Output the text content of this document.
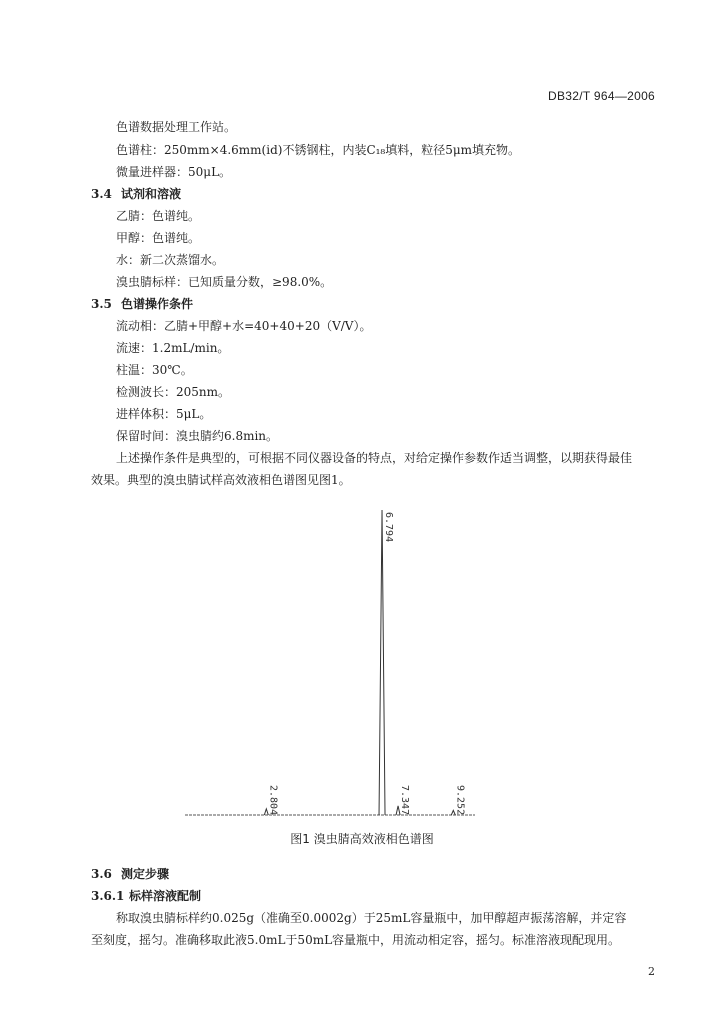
DB32/T 964—2006
色谱数据处理工作站。
色谱柱：250mm×4.6mm(id)不锈钢柱，内装C₁₈填料，粒径5μm填充物。
微量进样器：50μL。
3.4 试剂和溶液
乙腈：色谱纯。
甲醇：色谱纯。
水：新二次蒸馏水。
溴虫腈标样：已知质量分数，≥98.0%。
3.5 色谱操作条件
流动相：乙腈+甲醇+水=40+40+20（V/V）。
流速：1.2mL/min。
柱温：30℃。
检测波长：205nm。
进样体积：5μL。
保留时间：溴虫腈约6.8min。
上述操作条件是典型的，可根据不同仪器设备的特点，对给定操作参数作适当调整，以期获得最佳
效果。典型的溴虫腈试样高效液相色谱图见图1。
2.804
6.794
7.347	9.252
图1 溴虫腈高效液相色谱图
3.6 测定步骤
3.6.1 标样溶液配制
称取溴虫腈标样约0.025g（准确至0.0002g）于25mL容量瓶中，加甲醇超声振荡溶解，并定容
至刻度，摇匀。准确移取此液5.0mL于50mL容量瓶中，用流动相定容，摇匀。标准溶液现配现用。
2
